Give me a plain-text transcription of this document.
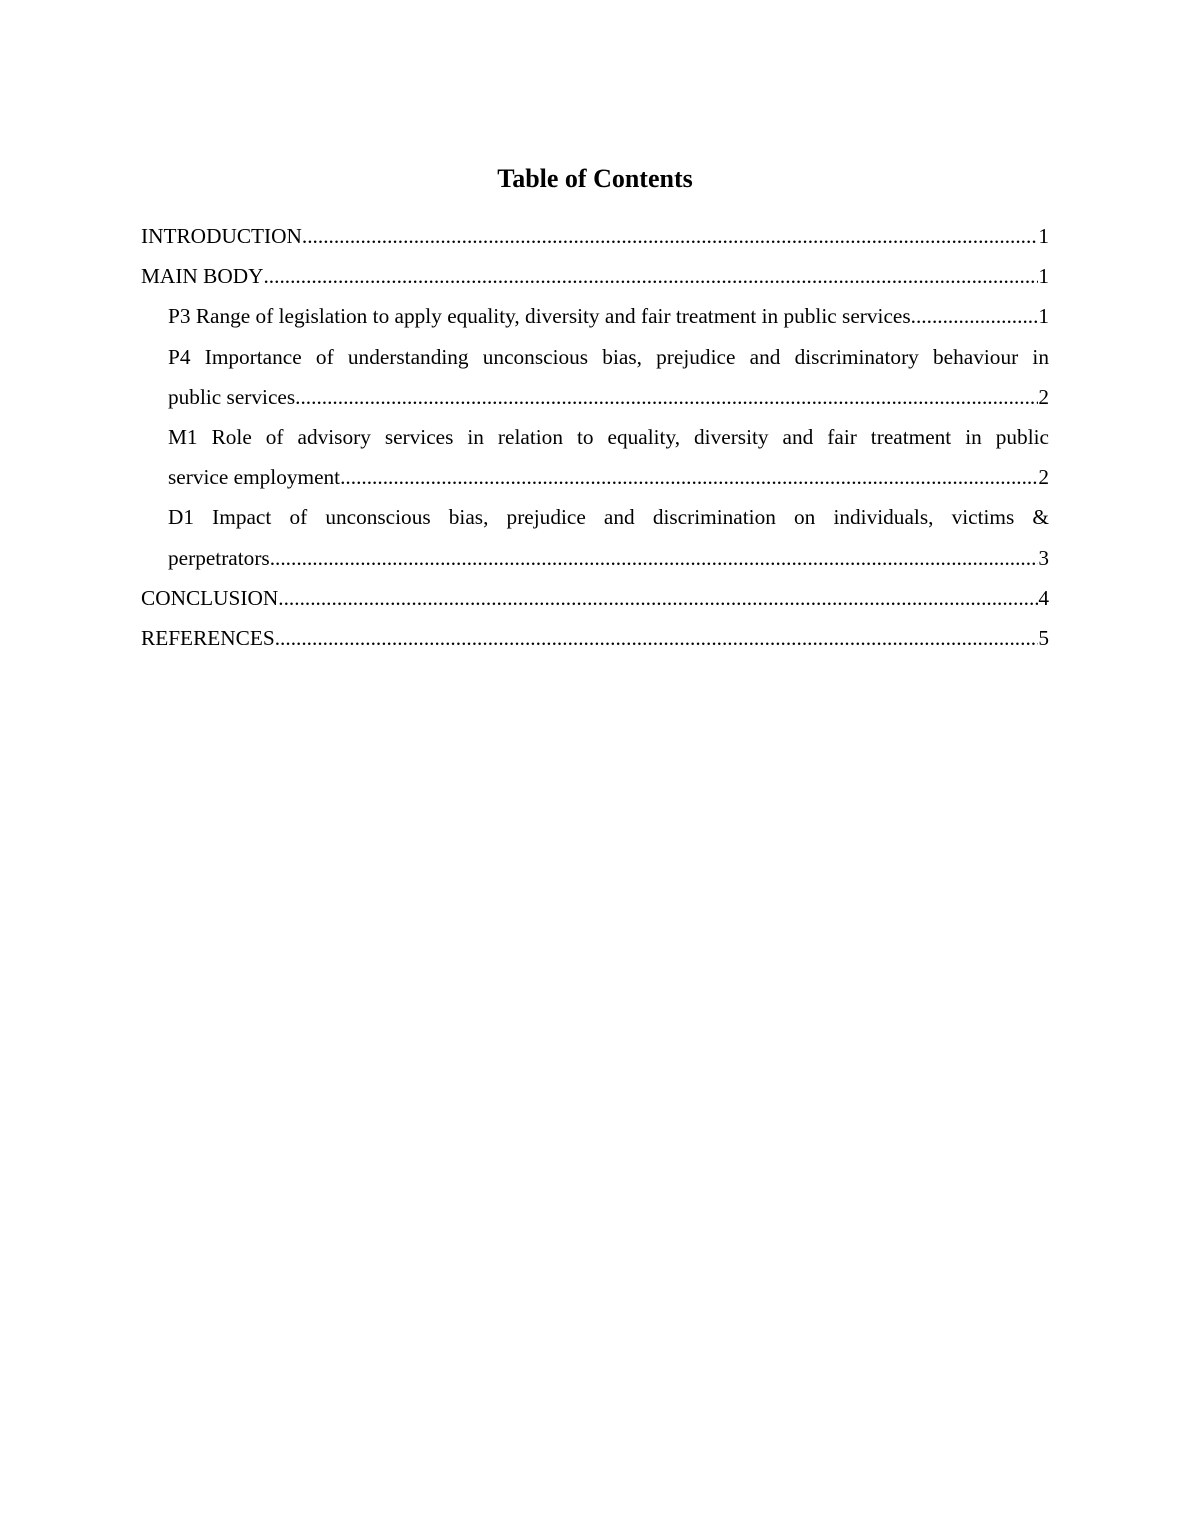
Table of Contents
INTRODUCTION .....	1
MAIN BODY .....	1
P3 Range of legislation to apply equality, diversity and fair treatment in public services .....	1
P4 Importance of understanding unconscious bias, prejudice and discriminatory behaviour in
public services .....	2
M1 Role of advisory services in relation to equality, diversity and fair treatment in public
service employment .....	2
D1 Impact of unconscious bias, prejudice and discrimination on individuals, victims &
perpetrators .....	3
CONCLUSION .....	4
REFERENCES .....	5
